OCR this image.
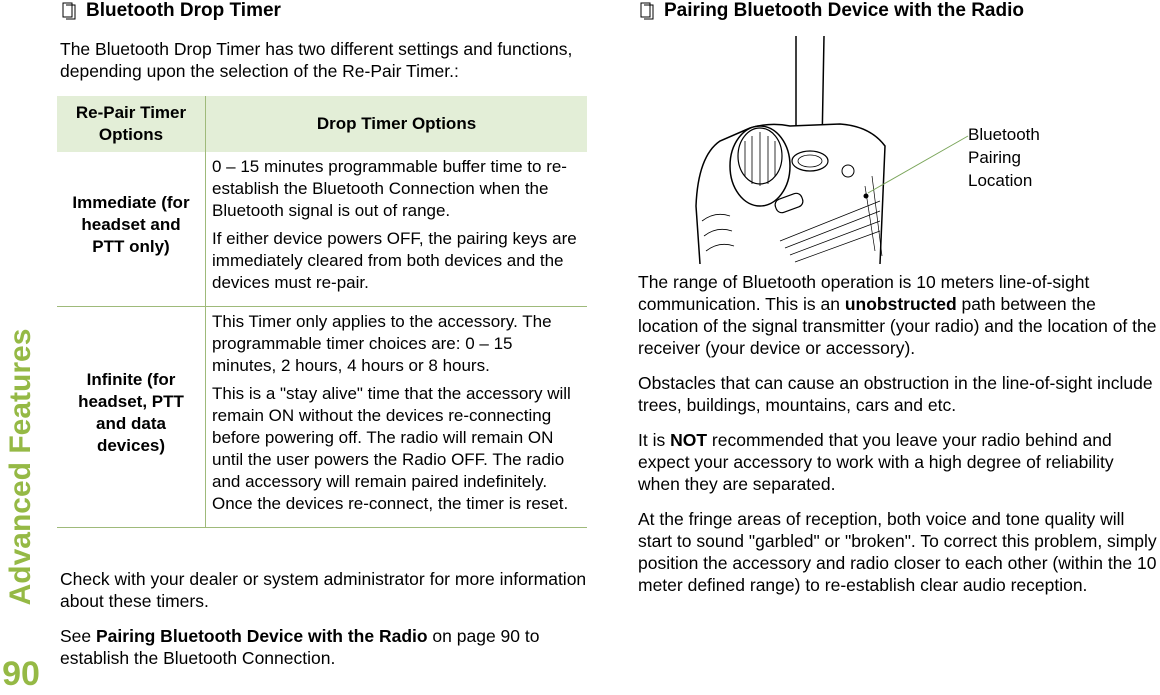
Advanced Features
90
Bluetooth Drop Timer

The Bluetooth Drop Timer has two different settings and functions, depending upon the selection of the Re-Pair Timer.:

Re-Pair Timer Options	Drop Timer Options
Immediate (for headset and PTT only)	0 – 15 minutes programmable buffer time to re-establish the Bluetooth Connection when the Bluetooth signal is out of range.

If either device powers OFF, the pairing keys are immediately cleared from both devices and the devices must re-pair.

Infinite (for headset, PTT and data devices)	This Timer only applies to the accessory. The programmable timer choices are: 0 – 15 minutes, 2 hours, 4 hours or 8 hours.

This is a "stay alive" time that the accessory will remain ON without the devices re-connecting before powering off. The radio will remain ON until the user powers the Radio OFF. The radio and accessory will remain paired indefinitely. Once the devices re-connect, the timer is reset.

Check with your dealer or system administrator for more information about these timers.

See Pairing Bluetooth Device with the Radio on page 90 to establish the Bluetooth Connection.

Pairing Bluetooth Device with the Radio
Bluetooth
Pairing
Location

The range of Bluetooth operation is 10 meters line-of-sight communication. This is an unobstructed path between the location of the signal transmitter (your radio) and the location of the receiver (your device or accessory).

Obstacles that can cause an obstruction in the line-of-sight include trees, buildings, mountains, cars and etc.

It is NOT recommended that you leave your radio behind and expect your accessory to work with a high degree of reliability when they are separated.

At the fringe areas of reception, both voice and tone quality will start to sound "garbled" or "broken". To correct this problem, simply position the accessory and radio closer to each other (within the 10 meter defined range) to re-establish clear audio reception.
